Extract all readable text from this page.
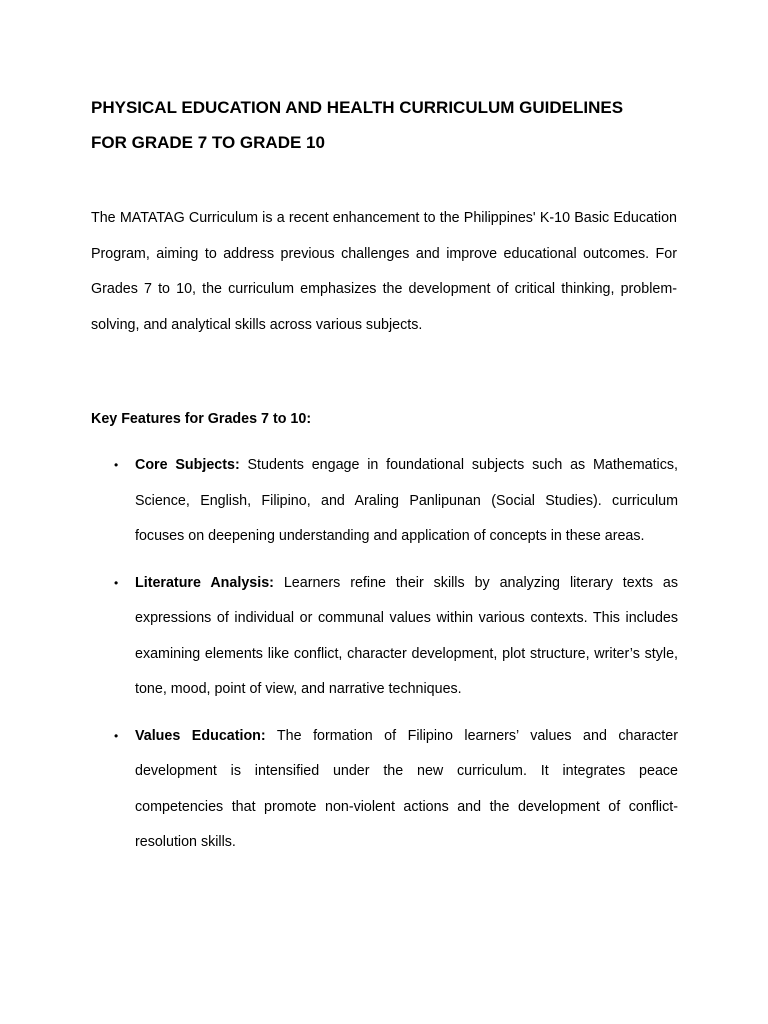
PHYSICAL EDUCATION AND HEALTH CURRICULUM GUIDELINES
FOR GRADE 7 TO GRADE 10

The MATATAG Curriculum is a recent enhancement to the Philippines' K-10 Basic Education Program, aiming to address previous challenges and improve educational outcomes. For Grades 7 to 10, the curriculum emphasizes the development of critical thinking, problem-solving, and analytical skills across various subjects.

Key Features for Grades 7 to 10:
• Core Subjects: Students engage in foundational subjects such as Mathematics, Science, English, Filipino, and Araling Panlipunan (Social Studies). curriculum focuses on deepening understanding and application of concepts in these areas.

• Literature Analysis: Learners refine their skills by analyzing literary texts as expressions of individual or communal values within various contexts. This includes examining elements like conflict, character development, plot structure, writer’s style, tone, mood, point of view, and narrative techniques.

• Values Education: The formation of Filipino learners’ values and character development is intensified under the new curriculum. It integrates peace competencies that promote non-violent actions and the development of conflict-resolution skills.
